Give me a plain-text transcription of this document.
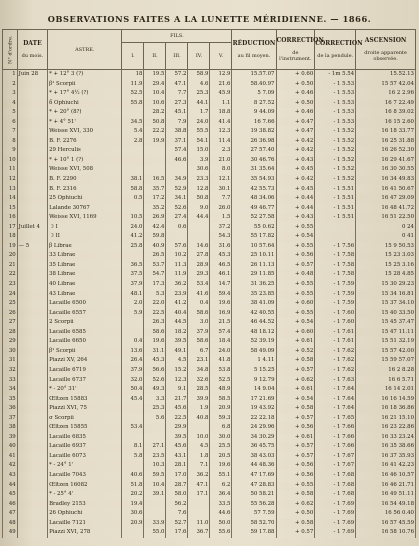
OBSERVATIONS FAITES A LA LUNETTE MÉRIDIENNE. — 1866.
N° d'ordre.	DATE

du mois.	ASTRE.	FILS.					RÉDUCTION

au fil moyen.	CORRECTION

de l'instrument.	CORRECTION

de la pendule.	ASCENSION

droite apparente observée.
			I.	II.	III.	IV.	V.				
1	Juin 28	* + 12° 3 (?)	18	19.5	57.2	58.9	12.9	15.57.07	+ 0.60	- 1m 5.54	15.52.13
2		β¹ Scorpii	11.9	29.4	47.1	4.6	21.6	58.40.97	+ 0.50	- 1 5.53	15 57 42.04
3		* + 17° 4½ (?)	52.5	10.4	7.7	25.3	45.9	5 7.09	+ 0.46	- 1 5.53	16 2 2.96
4		δ Ophiuchi	55.8	10.6	27.3	44.1	1.1	8 27.52	+ 0.50	- 1 5.53	16 7 22.49
5		* + 20° (8?)		28.2	45.1	1.7	18.8	9 44.09	+ 0.46	- 1 5.53	16 8 39.02
6		* + 4° 51'	34.5	50.8	7.9	24.0	41.4	16 7.66	+ 0.47	- 1 5.53	16 15 2.60
7		Weisse XVI, 330	5.4	22.2	38.8	55.5	12.3	19 38.82	+ 0.47	- 1 5.52	16 18 33.77
8		B. F. 2276	2.8	19.9	37.1	54.1	11.4	26 36.98	+ 0.42	- 1 5.52	16 25 31.88
9		29 Herculis			57.4	15.0	2.3	27 57.40	+ 0.42	- 1 5.52	16 26 52.30
10		* + 10° 1 (?)			46.6	3.9	21.0	30 46.76	+ 0.43	- 1 5.52	16 29 41.67
11		Weisse XVI, 508				30.6	8.0	31 35.64	+ 0.45	- 1 5.52	16 30 30.55
12		B. F. 2290	38.1	16.5	34.9	23.3	12.1	35 54.93	+ 0.42	- 1 5.52	16 34 49.83
13		B. F. 2316	58.8	35.7	52.9	12.8	30.1	42 55.73	+ 0.45	- 1 5.51	16 41 50.67
14		25 Ophiuchi	0.5	17.2	34.1	50.8	7.7	48 34.06	+ 0.44	- 1 5.51	16 47 29.09
15		Lalande 30767		35.2	52.6	9.0	26.0	49 46.77	+ 0.44	- 1 5.51	16 48 41.72
16		Weisse XVI, 1169	10.5	26.9	27.4	44.4	1.5	52 27.58	+ 0.43	- 1 5.51	16 51 22.50
17	Juillet 4	☽ I	24.0	42.4	0.6		37.2	55 0.62	+ 0.55		0 24
18		☽ II	41.2	59.8			54.3	55 17.82	+ 0.54		0 41
19	— 5	β Librae	25.8	40.9	57.6	14.6	31.6	10 57.64	+ 0.55	- 1 7.56	15 9 50.53
20		33 Librae		26.5	10.2	27.8	45.3	25 10.11	+ 0.56	- 1 7.58	15 23 3.03
21		35 Librae	36.5	53.7	11.3	28.9	46.5	26 11.13	+ 0.57	- 1 7.58	15 25 3.16
22		38 Librae	37.5	54.7	11.9	29.3	46.1	29 11.85	+ 0.48	- 1 7.58	15 28 4.85
23		40 Librae	37.9	17.3	36.2	53.4	14.7	31 36.25	+ 0.55	- 1 7.59	15 30 29.23
24		43 Librae	48.1	5.3	23.9	41.6	59.4	35 23.85	+ 0.55	- 1 7.59	15 34 16.81
25		Lacaille 6500	2.0	22.0	41.2	0.4	19.6	38 41.09	+ 0.60	- 1 7.59	15 37 34.10
26		Lacaille 6557	5.9	22.5	40.4	58.6	16.9	42 40.55	+ 0.55	- 1 7.60	15 40 33.50
27		2 Scorpii		26.3	44.5	3.0	21.5	46 44.52	+ 0.54	- 1 7.60	15 45 37.47
28		Lacaille 6585		58.6	18.2	37.9	57.4	48 18.12	+ 0.60	- 1 7.61	15 47 11.11
29		Lacaille 6650	0.4	19.6	39.5	58.6	18.4	52 39.19	+ 0.61	- 1 7.61	15 51 32.19
30		β¹ Scorpii	13.6	31.1	49.1	6.7	24.0	58 49.09	+ 0.52	- 1 7.62	15 57 42.00
31		Piazzi XV, 264	26.4	45.3	4.5	23.1	41.8	1 4.11	+ 0.58	- 1 7.62	15 59 57.07
32		Lacaille 6719	37.9	56.6	15.2	34.8	53.8	5 15.25	+ 0.57	- 1 7.62	16 2 8.28
33		Lacaille 6737	32.0	52.6	12.3	32.6	52.5	9 12.79	+ 0.62	- 1 7.63	16 6 5.71
34		* - 20° 31'	50.4	49.3	9.1	28.5	48.9	14 9.04	+ 0.61	- 1 7.64	16 14 2.01
35		Œltzen 15883	45.4	3.3	21.7	39.9	58.5	17 21.69	+ 0.54	- 1 7.64	16 16 14.59
36		Piazzi XVI, 75		25.3	45.6	1.9	20.9	19 43.92	+ 0.58	- 1 7.64	16 18 36.86
37		σ Scorpii		5.6	22.5	40.8	59.3	22 22.18	+ 0.57	- 1 7.65	16 21 15.10
38		Œltzen 15855	53.4		29.9		6.8	24 29.96	+ 0.56	- 1 7.66	16 23 22.86
39		Lacaille 6835			39.5	10.0	30.0	34 30.29	+ 0.61	- 1 7.66	16 33 23.24
40		Lacaille 6937	8.1	27.1	45.6	4.5	25.5	36 45.75	+ 0.57	- 1 7.66	16 35 38.66
41		Lacaille 6073	5.8	23.5	43.1	1.8	20.5	38 43.03	+ 0.57	- 1 7.67	16 37 35.93
42		* - 24° 1'		10.3	28.1	7.1	19.6	44 48.36	+ 0.56	- 1 7.67	16 41 42.23
43		Lacaille 7043	40.6	59.5	17.0	36.2	55.1	47 17.69	+ 0.56	- 1 7.68	16 46 10.57
44		Œltzen 16082	51.8	10.4	28.7	47.1	6.2	47 28.83	+ 0.55	- 1 7.68	16 46 21.71
45		* - 25° 4'	20.2	39.1	58.0	17.1	36.4	50 58.21	+ 0.58	- 1 7.68	16 49 51.11
46		Bradley 2153	19.4		56.2		33.5	55 56.28	+ 0.62	- 1 7.69	16 54 49.18
47		26 Ophiuchi	30.6		7.6		44.6	57 7.59	+ 0.50	- 1 7.69	16 56 0.40
48		Lacaille 7121	20.9	33.9	52.7	11.0	50.0	58 52.70	+ 0.58	- 1 7.69	16 57 45.59
49		Piazzi XVI, 278		55.0	17.6	36.7	55.6	59 17.88	+ 0.57	- 1 7.69	16 58 10.76
